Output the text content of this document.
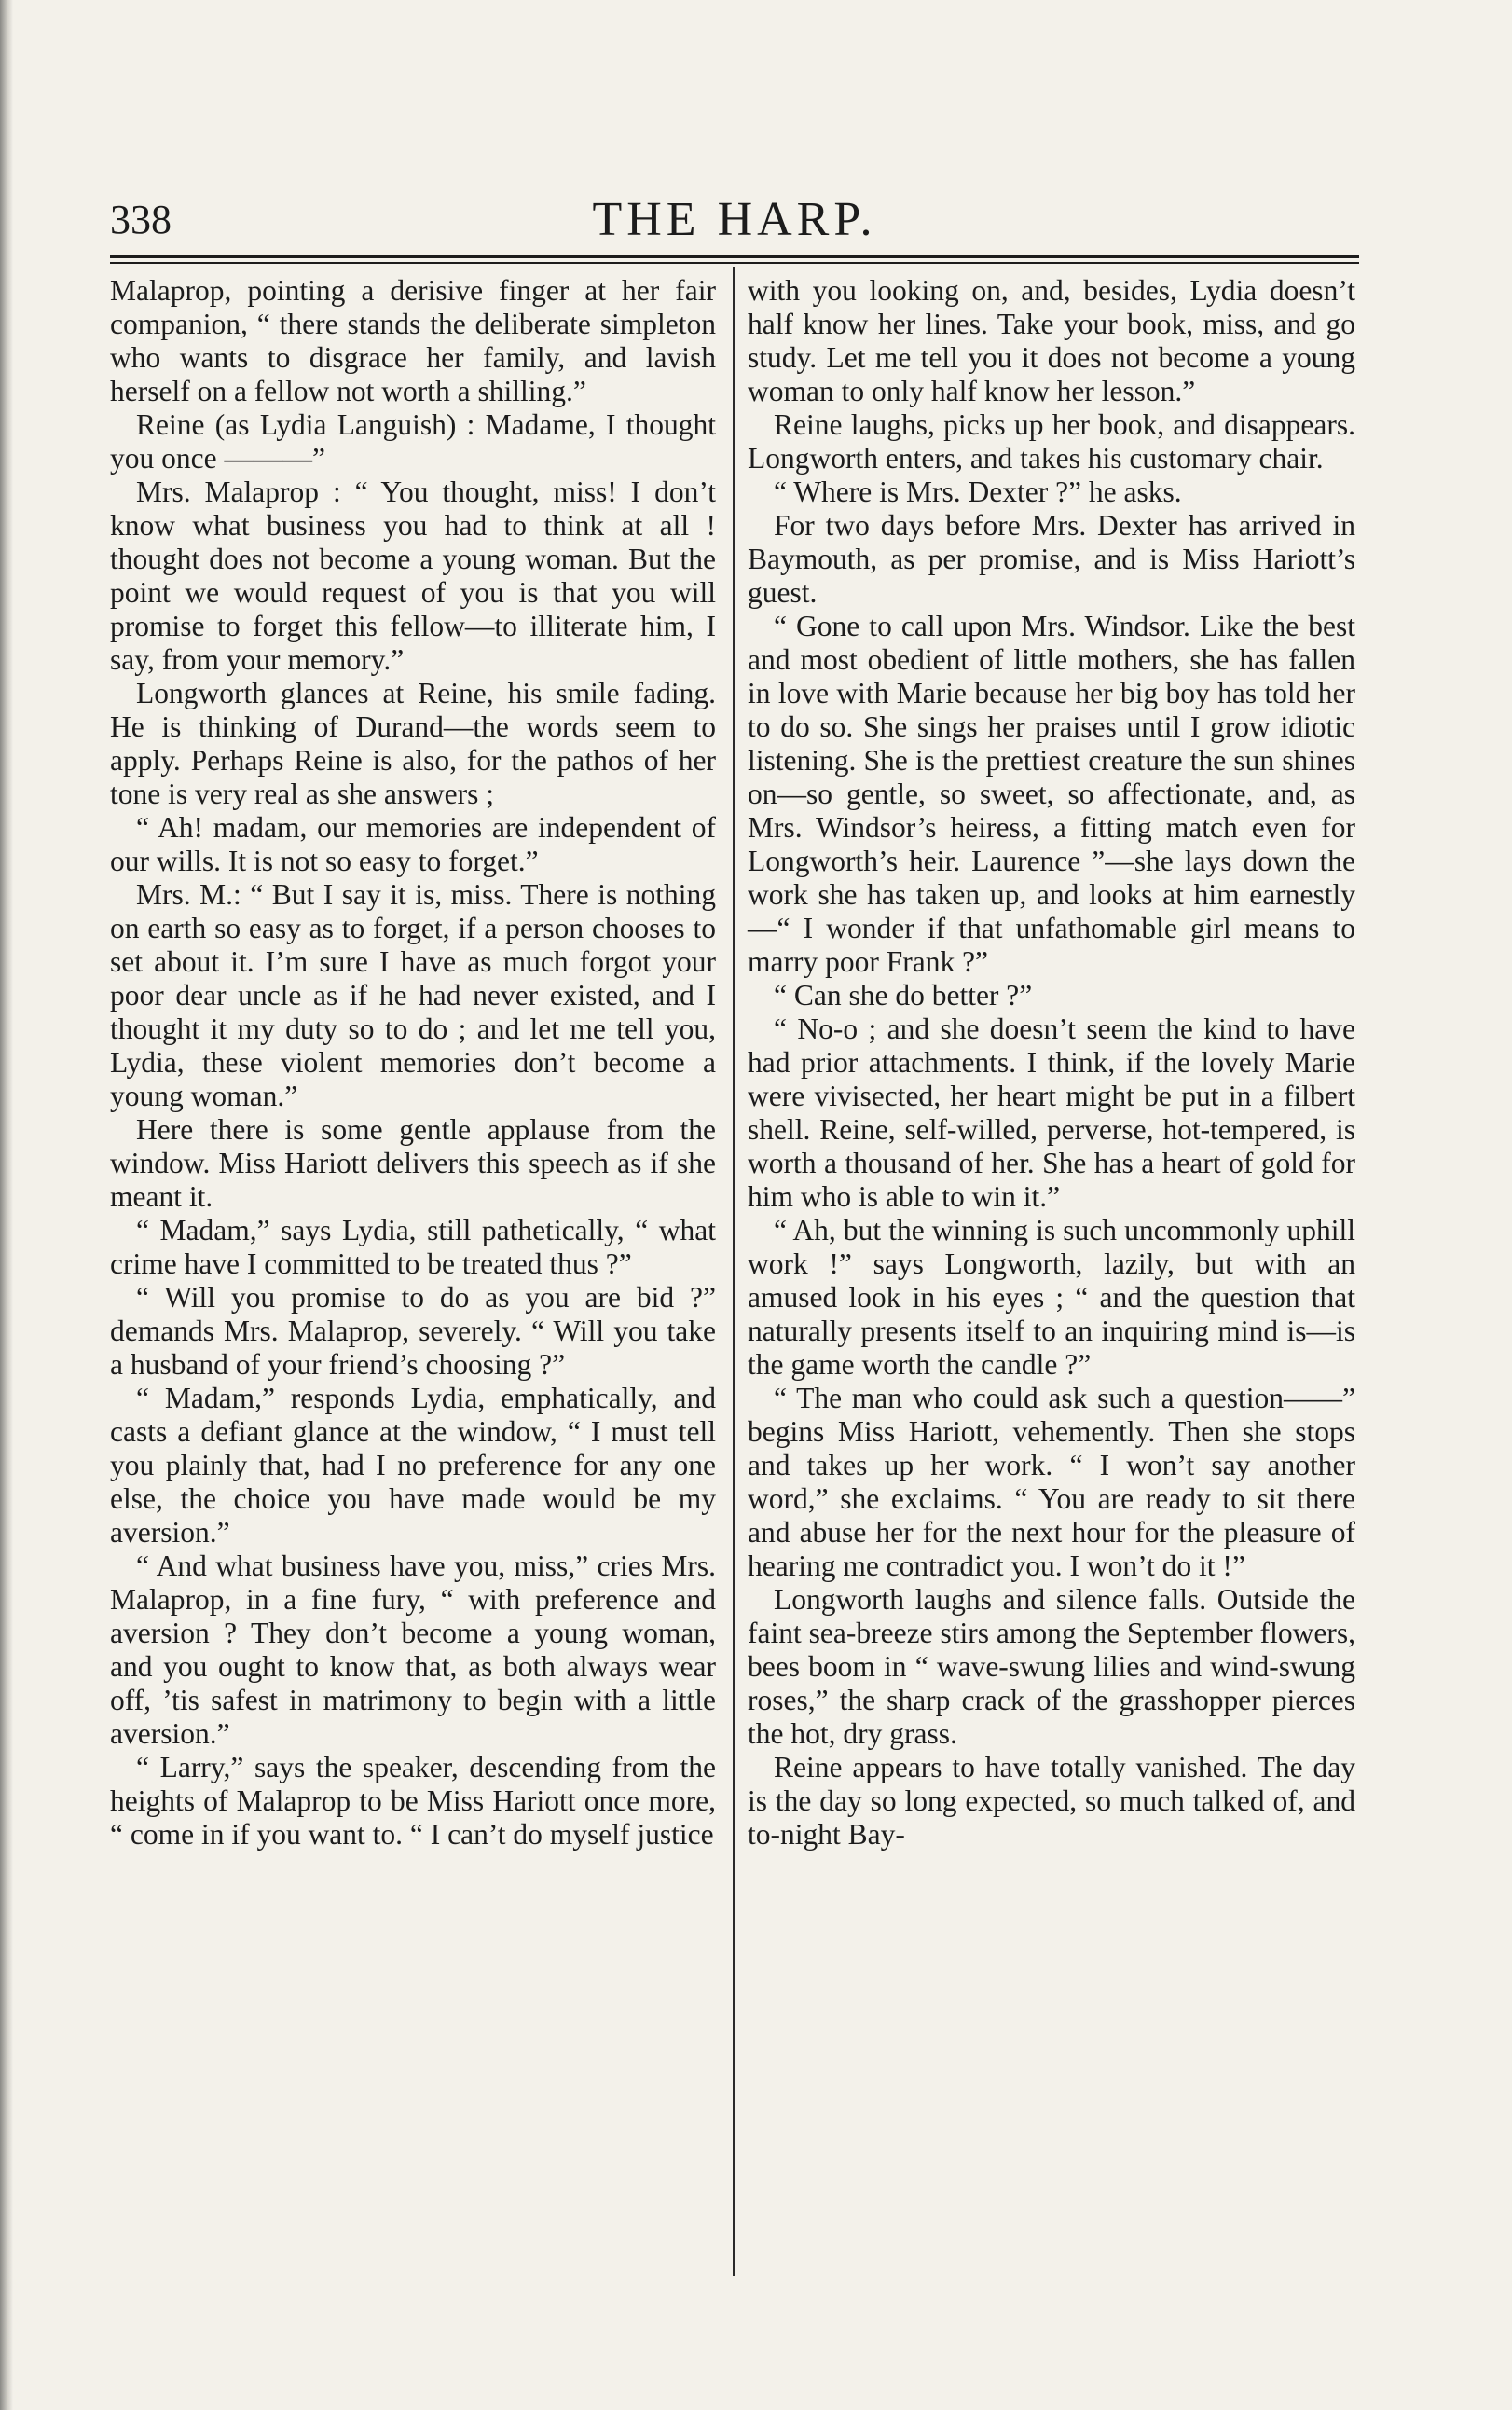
338	THE HARP.

Malaprop, pointing a derisive finger at her fair companion, “ there stands the deliberate simpleton who wants to disgrace her family, and lavish herself on a fellow not worth a shilling.”

Reine (as Lydia Languish) : Madame, I thought you once ———”

Mrs. Malaprop : “ You thought, miss! I don’t know what business you had to think at all ! thought does not become a young woman. But the point we would request of you is that you will promise to forget this fellow—to illiterate him, I say, from your memory.”

Longworth glances at Reine, his smile fading. He is thinking of Durand—the words seem to apply. Perhaps Reine is also, for the pathos of her tone is very real as she answers ;

“ Ah! madam, our memories are independent of our wills. It is not so easy to forget.”

Mrs. M.: “ But I say it is, miss. There is nothing on earth so easy as to forget, if a person chooses to set about it. I’m sure I have as much forgot your poor dear uncle as if he had never existed, and I thought it my duty so to do ; and let me tell you, Lydia, these violent memories don’t become a young woman.”

Here there is some gentle applause from the window. Miss Hariott delivers this speech as if she meant it.

“ Madam,” says Lydia, still pathetically, “ what crime have I committed to be treated thus ?”

“ Will you promise to do as you are bid ?” demands Mrs. Malaprop, severely. “ Will you take a husband of your friend’s choosing ?”

“ Madam,” responds Lydia, emphatically, and casts a defiant glance at the window, “ I must tell you plainly that, had I no preference for any one else, the choice you have made would be my aversion.”

“ And what business have you, miss,” cries Mrs. Malaprop, in a fine fury, “ with preference and aversion ? They don’t become a young woman, and you ought to know that, as both always wear off, ’tis safest in matrimony to begin with a little aversion.”

“ Larry,” says the speaker, descending from the heights of Malaprop to be Miss Hariott once more, “ come in if you want to. “ I can’t do myself justice

with you looking on, and, besides, Lydia doesn’t half know her lines. Take your book, miss, and go study. Let me tell you it does not become a young woman to only half know her lesson.”

Reine laughs, picks up her book, and disappears. Longworth enters, and takes his customary chair.

“ Where is Mrs. Dexter ?” he asks.

For two days before Mrs. Dexter has arrived in Baymouth, as per promise, and is Miss Hariott’s guest.

“ Gone to call upon Mrs. Windsor. Like the best and most obedient of little mothers, she has fallen in love with Marie because her big boy has told her to do so. She sings her praises until I grow idiotic listening. She is the prettiest creature the sun shines on—so gentle, so sweet, so affectionate, and, as Mrs. Windsor’s heiress, a fitting match even for Longworth’s heir. Laurence ”—she lays down the work she has taken up, and looks at him earnestly—“ I wonder if that unfathomable girl means to marry poor Frank ?”

“ Can she do better ?”

“ No-o ; and she doesn’t seem the kind to have had prior attachments. I think, if the lovely Marie were vivisected, her heart might be put in a filbert shell. Reine, self-willed, perverse, hot-tempered, is worth a thousand of her. She has a heart of gold for him who is able to win it.”

“ Ah, but the winning is such uncommonly uphill work !” says Longworth, lazily, but with an amused look in his eyes ; “ and the question that naturally presents itself to an inquiring mind is—is the game worth the candle ?”

“ The man who could ask such a question——” begins Miss Hariott, vehemently. Then she stops and takes up her work. “ I won’t say another word,” she exclaims. “ You are ready to sit there and abuse her for the next hour for the pleasure of hearing me contradict you. I won’t do it !”

Longworth laughs and silence falls. Outside the faint sea-breeze stirs among the September flowers, bees boom in “ wave-swung lilies and wind-swung roses,” the sharp crack of the grasshopper pierces the hot, dry grass.

Reine appears to have totally vanished. The day is the day so long expected, so much talked of, and to-night Bay-
